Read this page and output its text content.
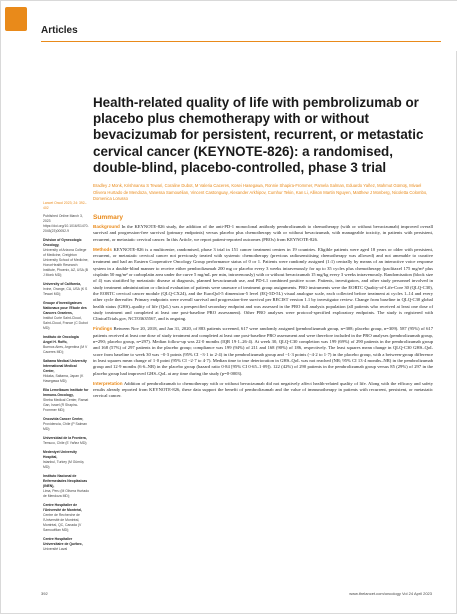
Articles
Health-related quality of life with pembrolizumab or placebo plus chemotherapy with or without bevacizumab for persistent, recurrent, or metastatic cervical cancer (KEYNOTE-826): a randomised, double-blind, placebo-controlled, phase 3 trial

Bradley J Monk, Krishnansu S Tewari, Coraline Dubot, M Valeria Caceres, Kosei Hasegawa, Ronnie Shapira-Frommer, Pamela Salman, Eduardo Yañez, Mahmut Gümüş, Mivael Olivera Hurtado de Mendoza, Vanessa Samouëlian, Vincent Castonguay, Alexander Arkhipov, Cumhur Tekin, Kan Li, Allison Martin Nguyen, Matthew J Monberg, Nicoletta Colombo, Domenica Lorusso

Lancet Oncol 2023; 24: 392–402
Published Online March 3, 2023 https://doi.org/10.1016/S1470-2045(23)00052-9
Division of Gynecologic Oncology,
University of Arizona College of Medicine, Creighton University School of Medicine, HonorHealth Research Institute, Phoenix, AZ, USA (B J Monk MD);
University of California,
Irvine, Orange, CA, USA (K S Tewari MD);
Groupe d'Investigateurs Nationaux pour l'Etude des Cancers Ovariens,
Institut Curie Saint-Cloud, Saint-Cloud, France (C Dubot MD);
Instituto de Oncologia Angel H. Roffo,
Buenos Aires, Argentina (M V Caceres MD);
Saitama Medical University International Medical Center,
Hidaka, Saitama, Japan (K Hasegawa MD);
Ella Lemelbaum Institute for Immuno-Oncology,
Sheba Medical Center, Ramat Gan, Israel (R Shapira-Frommer MD);
Oncovida Cancer Center,
Providencia, Chile (P Salman MD);
Universidad de la Frontera,
Temuco, Chile (E Yañez MD);
Medeniyet University Hospital,
Istanbul, Turkey (M Gümüş MD);
Instituto Nacional de Enfermedades Neoplásicas (INEN),
Lima, Peru (M Olivera Hurtado de Mendoza MD);
Centre Hospitalier de l'Université de Montréal,
Centre de Recherche de l'Université de Montréal, Montréal, QC, Canada (V Samouëlian MD);
Centre Hospitalier Universitaire de Québec,
Université Laval
Summary

Background In the KEYNOTE-826 study, the addition of the anti-PD-1 monoclonal antibody pembrolizumab to chemotherapy (with or without bevacizumab) improved overall survival and progression-free survival (primary endpoints) versus placebo plus chemotherapy with or without bevacizumab, with manageable toxicity, in patients with persistent, recurrent, or metastatic cervical cancer. In this Article, we report patient-reported outcomes (PROs) from KEYNOTE-826.

Methods KEYNOTE-826 is a multicentre, randomised, phase 3 trial in 151 cancer treatment centres in 19 countries. Eligible patients were aged 18 years or older with persistent, recurrent, or metastatic cervical cancer not previously treated with systemic chemotherapy (previous radiosensitising chemotherapy was allowed) and not amenable to curative treatment and had an Eastern Cooperative Oncology Group performance status of 0 or 1. Patients were randomly assigned (1:1) centrally by means of an interactive voice response system in a double-blind manner to receive either pembrolizumab 200 mg or placebo every 3 weeks intravenously for up to 35 cycles plus chemotherapy (paclitaxel 175 mg/m² plus cisplatin 50 mg/m² or carboplatin area under the curve 5 mg/mL per min, intravenously) with or without bevacizumab 15 mg/kg every 3 weeks intravenously. Randomisation (block size of 4) was stratified by metastatic disease at diagnosis, planned bevacizumab use, and PD-L1 combined positive score. Patients, investigators, and other study personnel involved in study treatment administration or clinical evaluation of patients were unaware of treatment group assignments. PRO instruments were the EORTC Quality-of-Life-Core 30 (QLQ-C30), the EORTC cervical cancer module (QLQ-CX24), and the EuroQoI-5 dimension-5 level (EQ-5D-5L) visual analogue scale, each collected before treatment at cycles 1–14 and every other cycle thereafter. Primary endpoints were overall survival and progression-free survival per RECIST version 1.1 by investigator review. Change from baseline in QLQ-C30 global health status (GHS)–quality of life (QoL) was a prespecified secondary endpoint and was assessed in the PRO full analysis population (all patients who received at least one dose of study treatment and completed at least one post-baseline PRO assessment). Other PRO analyses were protocol-specified exploratory endpoints. The study is registered with ClinicalTrials.gov, NCT03635567, and is ongoing.

Findings Between Nov 20, 2018, and Jan 31, 2020, of 883 patients screened, 617 were randomly assigned (pembrolizumab group, n=308; placebo group, n=309). 587 (95%) of 617 patients received at least one dose of study treatment and completed at least one post-baseline PRO assessment and were therefore included in the PRO analyses (pembrolizumab group, n=290; placebo group, n=297). Median follow-up was 22·0 months (IQR 19·1–26·4). At week 30, QLQ-C30 completion was 199 (69%) of 290 patients in the pembrolizumab group and 168 (57%) of 297 patients in the placebo group; compliance was 199 (94%) of 211 and 168 (90%) of 186, respectively. The least squares mean change in QLQ-C30 GHS–QoL score from baseline to week 30 was −0·3 points (95% CI −3·1 to 2·4) in the pembrolizumab group and −1·3 points (−4·2 to 1·7) in the placebo group, with a between-group difference in least squares mean change of 1·0 point (95% CI −2·7 to 4·7). Median time to true deterioration in GHS–QoL was not reached (NR; 95% CI 13·4 months–NR) in the pembrolizumab group and 12·9 months (6·6–NR) in the placebo group (hazard ratio 0·84 [95% CI 0·65–1·09]). 122 (42%) of 290 patients in the pembrolizumab group versus 85 (29%) of 297 in the placebo group had improved GHS–QoL at any time during the study (p=0·0003).

Interpretation Addition of pembrolizumab to chemotherapy with or without bevacizumab did not negatively affect health-related quality of life. Along with the efficacy and safety results already reported from KEYNOTE-826, these data support the benefit of pembrolizumab and the value of immunotherapy in patients with recurrent, persistent, or metastatic cervical cancer.

392	www.thelancet.com/oncology Vol 24 April 2023
